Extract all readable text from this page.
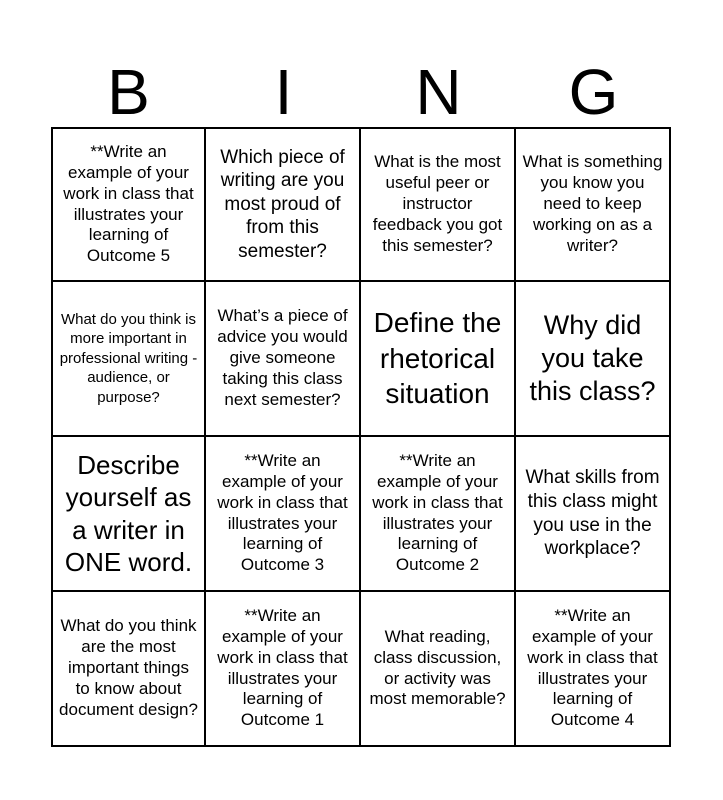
B	I	N	G
**Write an example of your work in class that illustrates your learning of Outcome 5
Which piece of writing are you most proud of from this semester?
What is the most useful peer or instructor feedback you got this semester?
What is something you know you need to keep working on as a writer?
What do you think is more important in professional writing - audience, or purpose?
What’s a piece of advice you would give someone taking this class next semester?
Define the rhetorical situation
Why did you take this class?
Describe yourself as a writer in ONE word.
**Write an example of your work in class that illustrates your learning of Outcome 3
**Write an example of your work in class that illustrates your learning of Outcome 2
What skills from this class might you use in the workplace?
What do you think are the most important things to know about document design?
**Write an example of your work in class that illustrates your learning of Outcome 1
What reading, class discussion, or activity was most memorable?
**Write an example of your work in class that illustrates your learning of Outcome 4
